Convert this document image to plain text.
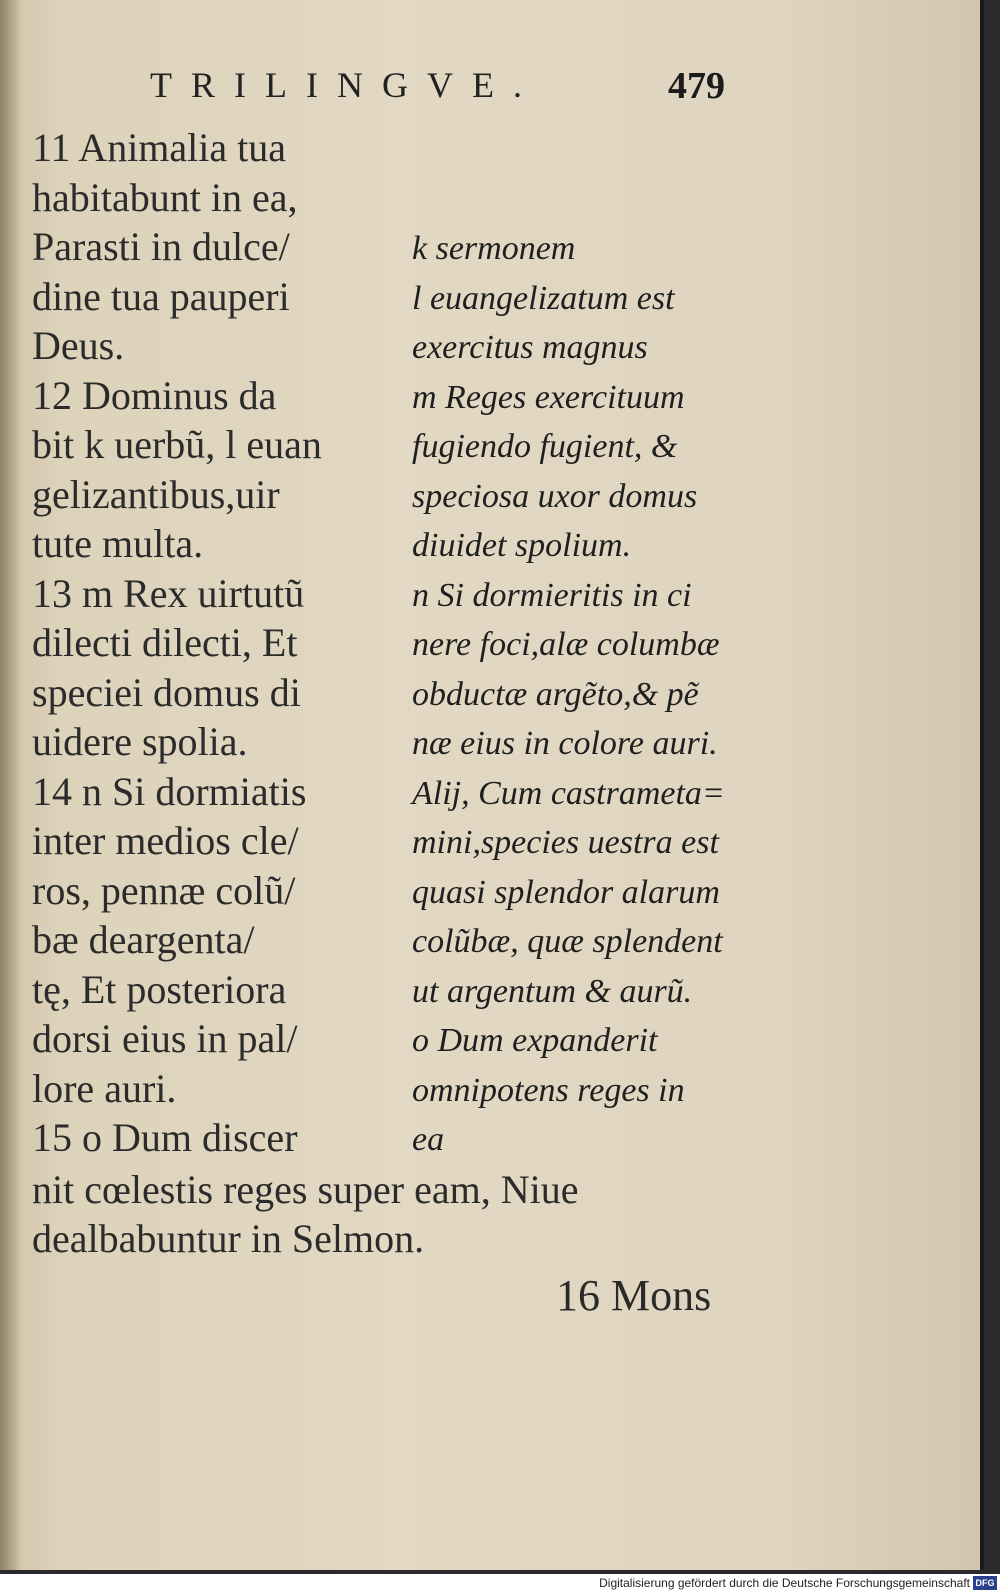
TRILINGVE.	479
11 Animalia tua
habitabunt in ea,
Parasti in dulce/
dine tua pauperi
Deus.
12 Dominus da
bit k uerbũ, l euan
gelizantibus,uir
tute multa.
13 m Rex uirtutũ
dilecti dilecti, Et
speciei domus di
uidere spolia.
14 n Si dormiatis
inter medios cle/
ros, pennæ colũ/
bæ deargenta/
tę, Et posteriora
dorsi eius in pal/
lore auri.
15 o Dum discer
k sermonem
l euangelizatum est
exercitus magnus
m Reges exercituum
fugiendo fugient, &
speciosa uxor domus
diuidet spolium.
n Si dormieritis in ci
nere foci,alæ columbæ
obductæ argẽto,& pẽ
næ eius in colore auri.
Alij, Cum castrameta=
mini,species uestra est
quasi splendor alarum
colũbæ, quæ splendent
ut argentum & aurũ.
o Dum expanderit
omnipotens reges in
ea
nit cœlestis reges super eam, Niue
dealbabuntur in Selmon.
16 Mons
Digitalisierung gefördert durch die Deutsche Forschungsgemeinschaft DFG
